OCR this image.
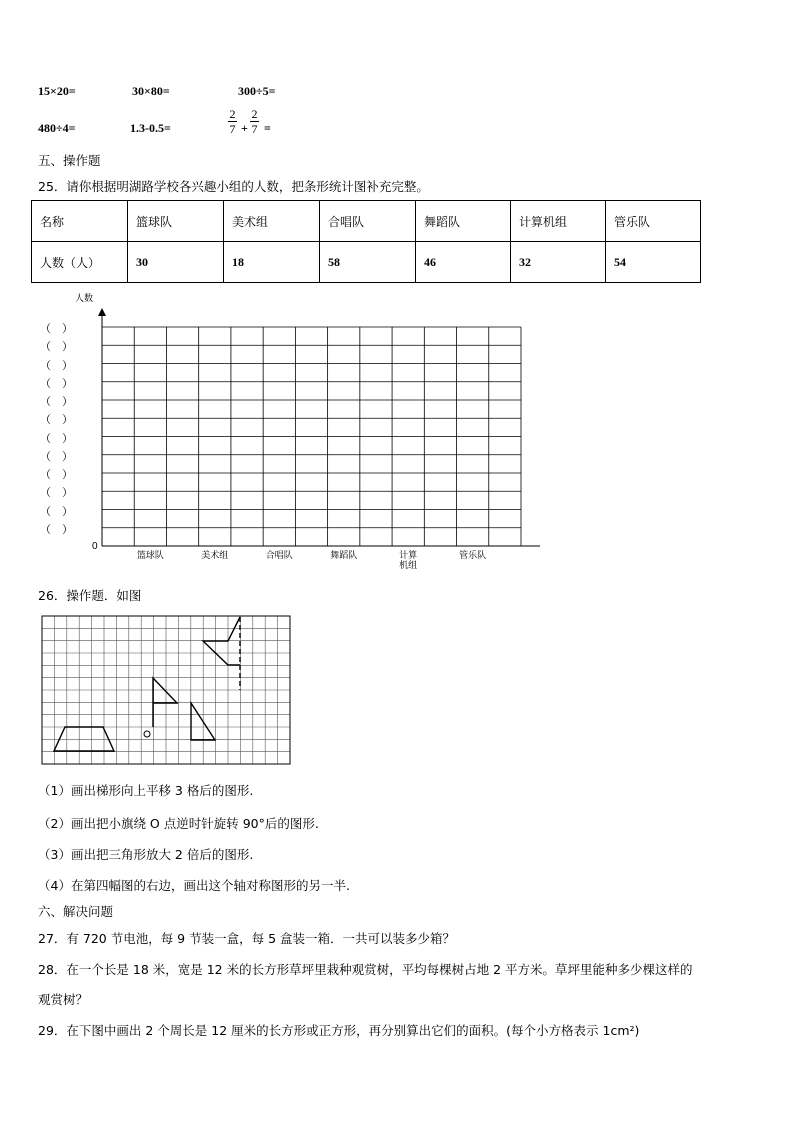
15×20=	30×80=	300÷5=
480÷4=	1.3-0.5=
2
7 +
2
7 =
五、操作题
25．请你根据明湖路学校各兴趣小组的人数，把条形统计图补充完整。
名称	篮球队	美术组	合唱队	舞蹈队	计算机组	管乐队
人数（人）	30	18	58	46	32	54
人数
0
（　）
（　）
（　）
（　）
（　）
（　）
（　）
（　）
（　）
（　）
（　）
（　）
篮球队	美术组	合唱队	舞蹈队	计算
机组
管乐队
26．操作题．如图
（1）画出梯形向上平移 3 格后的图形.
（2）画出把小旗绕 O 点逆时针旋转 90°后的图形.
（3）画出把三角形放大 2 倍后的图形.
（4）在第四幅图的右边，画出这个轴对称图形的另一半.
六、解决问题
27．有 720 节电池，每 9 节装一盒，每 5 盒装一箱．一共可以装多少箱？
28．在一个长是 18 米，宽是 12 米的长方形草坪里栽种观赏树，平均每棵树占地 2 平方米。草坪里能种多少棵这样的
观赏树？
29．在下图中画出 2 个周长是 12 厘米的长方形或正方形，再分别算出它们的面积。(每个小方格表示 1cm²)
